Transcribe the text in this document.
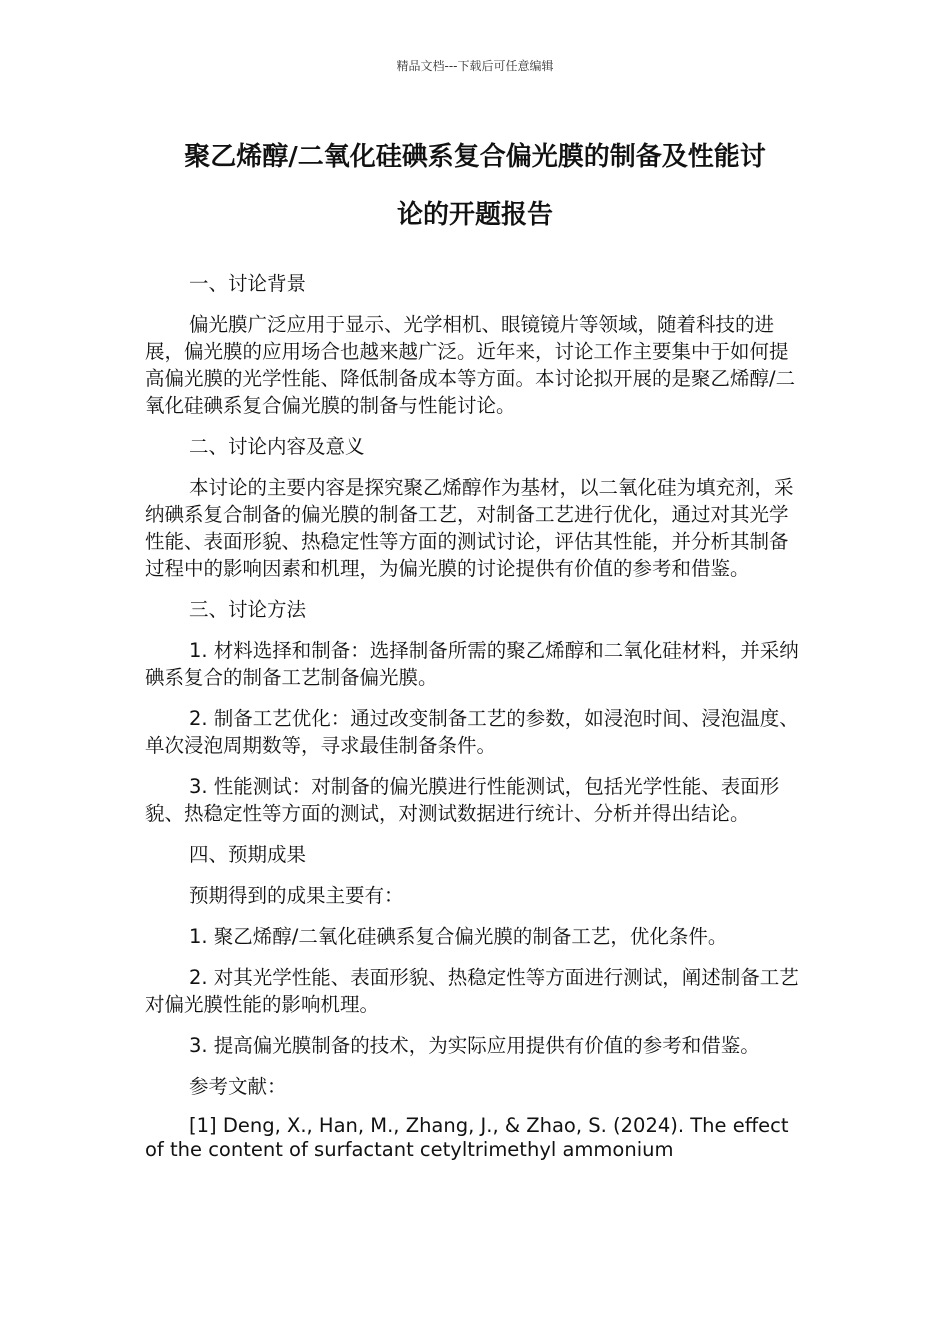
精品文档---下载后可任意编辑
聚乙烯醇/二氧化硅碘系复合偏光膜的制备及性能讨
论的开题报告

一、讨论背景

偏光膜广泛应用于显示、光学相机、眼镜镜片等领域，随着科技的进展，偏光膜的应用场合也越来越广泛。近年来，讨论工作主要集中于如何提高偏光膜的光学性能、降低制备成本等方面。本讨论拟开展的是聚乙烯醇/二氧化硅碘系复合偏光膜的制备与性能讨论。

二、讨论内容及意义

本讨论的主要内容是探究聚乙烯醇作为基材，以二氧化硅为填充剂，采纳碘系复合制备的偏光膜的制备工艺，对制备工艺进行优化，通过对其光学性能、表面形貌、热稳定性等方面的测试讨论，评估其性能，并分析其制备过程中的影响因素和机理，为偏光膜的讨论提供有价值的参考和借鉴。

三、讨论方法

1. 材料选择和制备：选择制备所需的聚乙烯醇和二氧化硅材料，并采纳碘系复合的制备工艺制备偏光膜。

2. 制备工艺优化：通过改变制备工艺的参数，如浸泡时间、浸泡温度、单次浸泡周期数等，寻求最佳制备条件。

3. 性能测试：对制备的偏光膜进行性能测试，包括光学性能、表面形貌、热稳定性等方面的测试，对测试数据进行统计、分析并得出结论。

四、预期成果

预期得到的成果主要有：

1. 聚乙烯醇/二氧化硅碘系复合偏光膜的制备工艺，优化条件。

2. 对其光学性能、表面形貌、热稳定性等方面进行测试，阐述制备工艺对偏光膜性能的影响机理。

3. 提高偏光膜制备的技术，为实际应用提供有价值的参考和借鉴。

参考文献：

[1] Deng, X., Han, M., Zhang, J., & Zhao, S. (2024). The effect of the content of surfactant cetyltrimethyl ammonium
